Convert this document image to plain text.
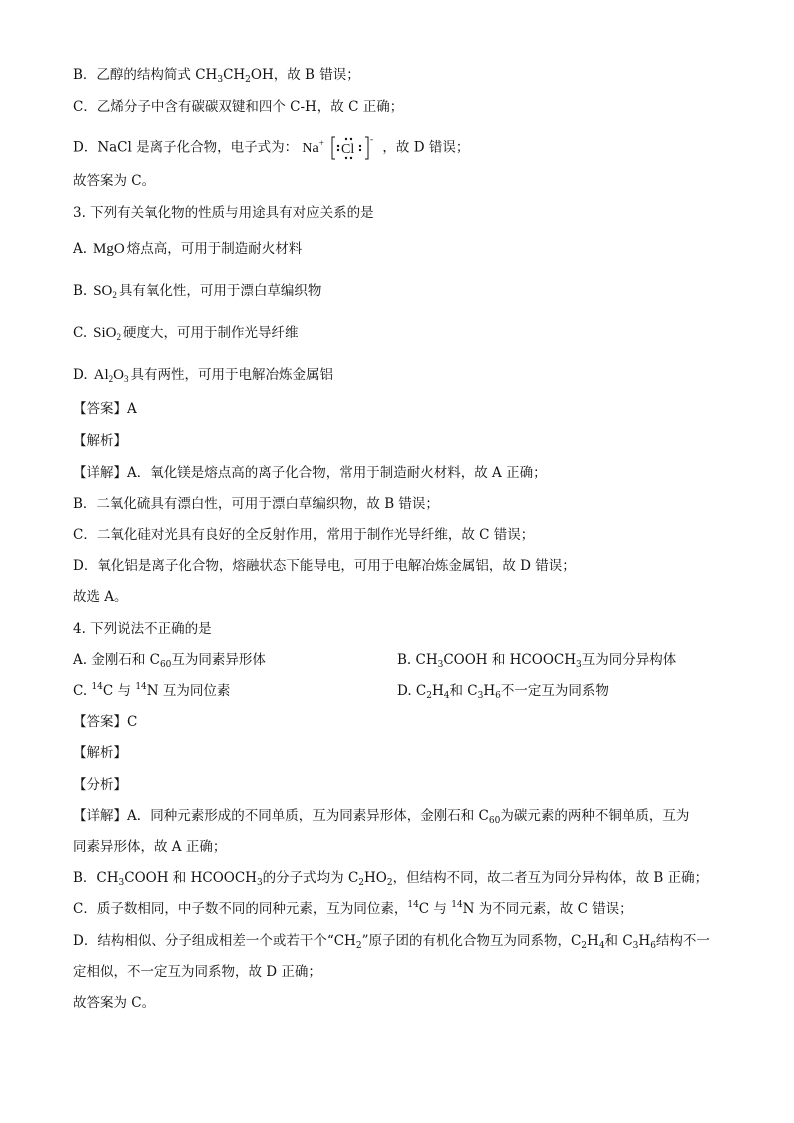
B．乙醇的结构简式 $CH_3CH_2OH$，故 B 错误；
C．乙烯分子中含有碳碳双键和四个 C-H，故 C 正确；
D．NaCl 是离子化合物，电子式为： Na+ Cl
-
，故 D 错误；
故答案为 C。
3. 下列有关氧化物的性质与用途具有对应关系的是
A. MgO 熔点高，可用于制造耐火材料
B. $SO_2$ 具有氧化性，可用于漂白草编织物
C. SiO$_2$ 硬度大，可用于制作光导纤维
D. $Al_2O_3$ 具有两性，可用于电解冶炼金属铝
【答案】A
【解析】
【详解】A．氧化镁是熔点高的离子化合物，常用于制造耐火材料，故 A 正确；
B．二氧化硫具有漂白性，可用于漂白草编织物，故 B 错误；
C．二氧化硅对光具有良好的全反射作用，常用于制作光导纤维，故 C 错误；
D．氧化铝是离子化合物，熔融状态下能导电，可用于电解冶炼金属铝，故 D 错误；
故选 A。
4. 下列说法不正确的是
A. 金刚石和 $C_{60}$互为同素异形体	B. $CH_3COOH$ 和 $HCOOCH_3$互为同分异构体
C. $^{14}$C 与 $^{14}$N 互为同位素	D. $C_2H_4$和 $C_3H_6$不一定互为同系物
【答案】C
【解析】
【分析】
【详解】A．同种元素形成的不同单质，互为同素异形体，金刚石和 $C_{60}$为碳元素的两种不铜单质，互为
同素异形体，故 A 正确；
B．$CH_3COOH$ 和 $HCOOCH_3$的分子式均为 $C_2HO_2$，但结构不同，故二者互为同分异构体，故 B 正确；
C．质子数相同，中子数不同的同种元素，互为同位素，$^{14}$C 与 $^{14}$N 为不同元素，故 C 错误；
D．结构相似、分子组成相差一个或若干个“$CH_2$”原子团的有机化合物互为同系物，$C_2H_4$和 $C_3H_6$结构不一
定相似，不一定互为同系物，故 D 正确；
故答案为 C。
